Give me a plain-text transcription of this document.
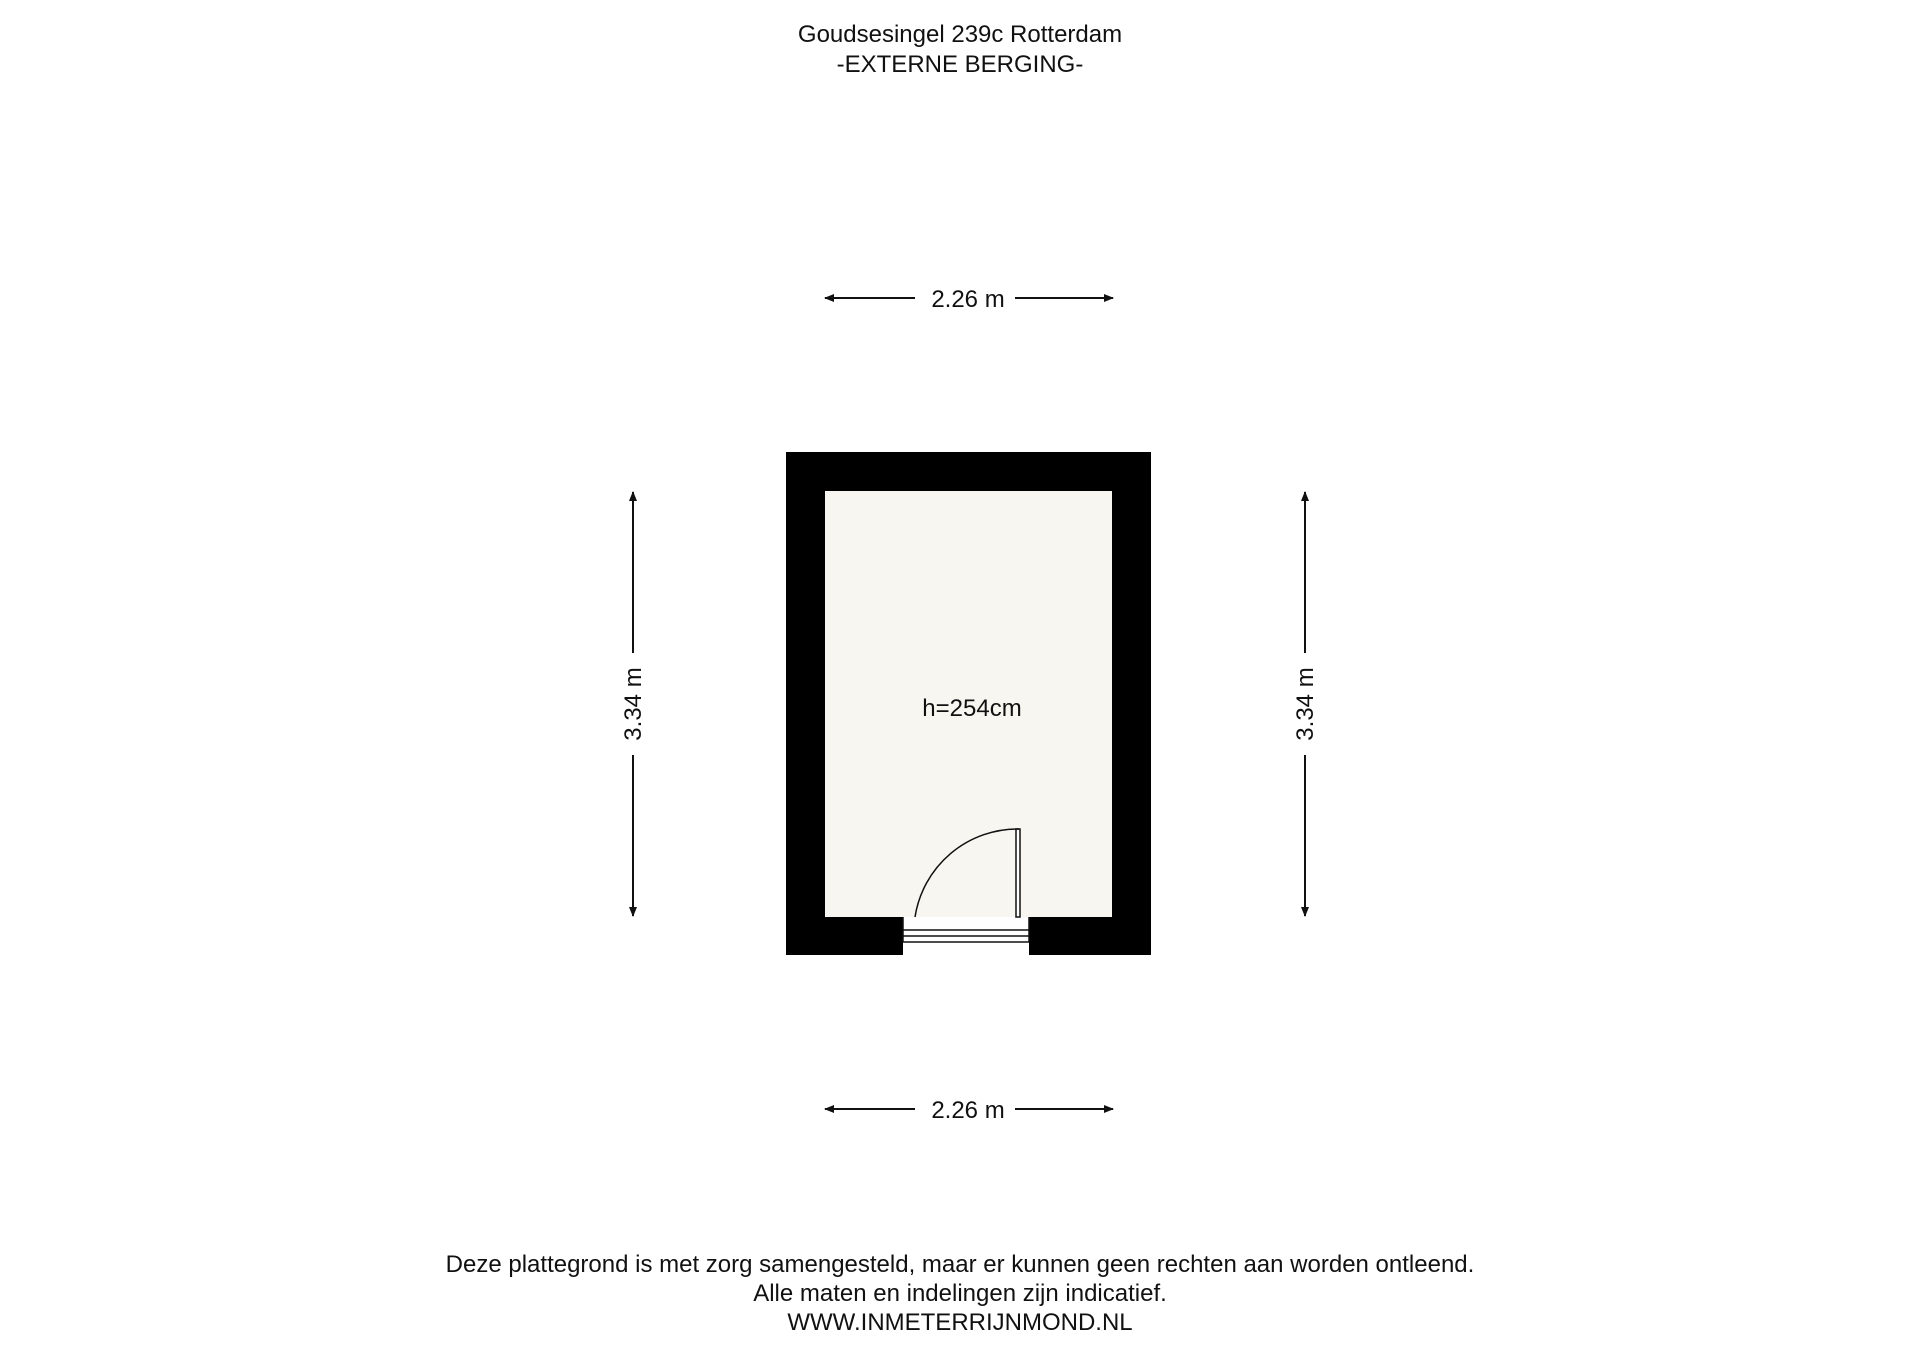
Goudsesingel 239c Rotterdam
-EXTERNE BERGING-
2.26 m
2.26 m
3.34 m	3.34 m
h=254cm
Deze plattegrond is met zorg samengesteld, maar er kunnen geen rechten aan worden ontleend.
Alle maten en indelingen zijn indicatief.
WWW.INMETERRIJNMOND.NL
